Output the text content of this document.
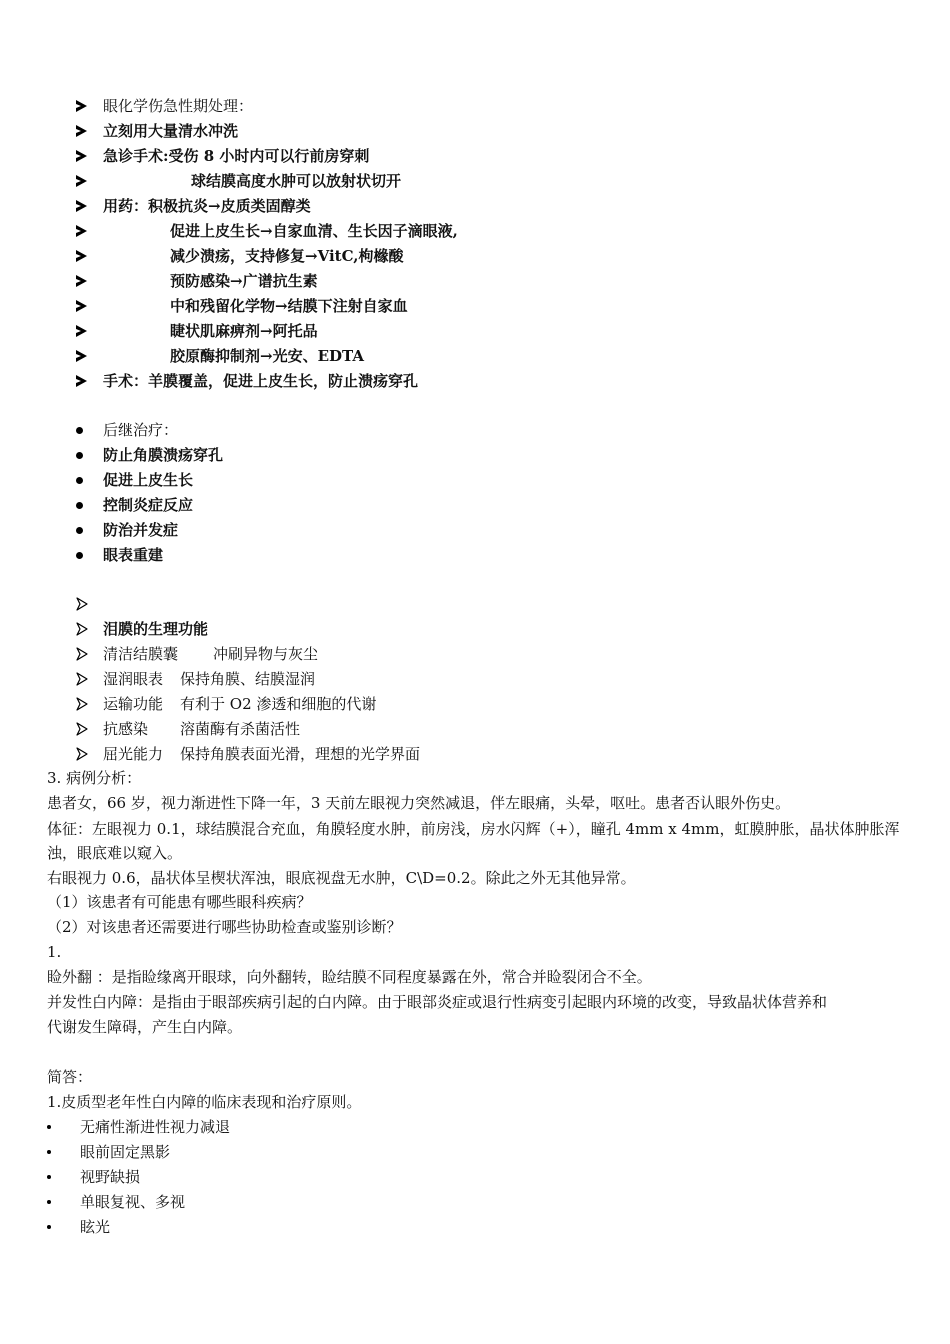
眼化学伤急性期处理：
立刻用大量清水冲洗
急诊手术:受伤 8 小时内可以行前房穿刺
球结膜高度水肿可以放射状切开
用药：积极抗炎→皮质类固醇类
促进上皮生长→自家血清、生长因子滴眼液,
减少溃疡，支持修复→VitC,枸橼酸
预防感染→广谱抗生素
中和残留化学物→结膜下注射自家血
睫状肌麻痹剂→阿托品
胶原酶抑制剂→光安、EDTA
手术：羊膜覆盖，促进上皮生长，防止溃疡穿孔
后继治疗：
防止角膜溃疡穿孔
促进上皮生长
控制炎症反应
防治并发症
眼表重建
泪膜的生理功能
清洁结膜囊 冲刷异物与灰尘
湿润眼表 保持角膜、结膜湿润
运输功能 有利于 O2 渗透和细胞的代谢
抗感染 溶菌酶有杀菌活性
屈光能力 保持角膜表面光滑，理想的光学界面
3. 病例分析：
患者女，66 岁，视力渐进性下降一年，3 天前左眼视力突然减退，伴左眼痛，头晕，呕吐。患者否认眼外伤史。
体征：左眼视力 0.1，球结膜混合充血，角膜轻度水肿，前房浅，房水闪辉（+），瞳孔 4mm x 4mm，虹膜肿胀，晶状体肿胀浑
浊，眼底难以窥入。
右眼视力 0.6，晶状体呈楔状浑浊，眼底视盘无水肿，C\D=0.2。除此之外无其他异常。
（1）该患者有可能患有哪些眼科疾病？
（2）对该患者还需要进行哪些协助检查或鉴别诊断？
1.
睑外翻 ：是指睑缘离开眼球，向外翻转，睑结膜不同程度暴露在外，常合并睑裂闭合不全。
并发性白内障：是指由于眼部疾病引起的白内障。由于眼部炎症或退行性病变引起眼内环境的改变，导致晶状体营养和
代谢发生障碍，产生白内障。
简答：
1.皮质型老年性白内障的临床表现和治疗原则。
无痛性渐进性视力减退
眼前固定黑影
视野缺损
单眼复视、多视
眩光
